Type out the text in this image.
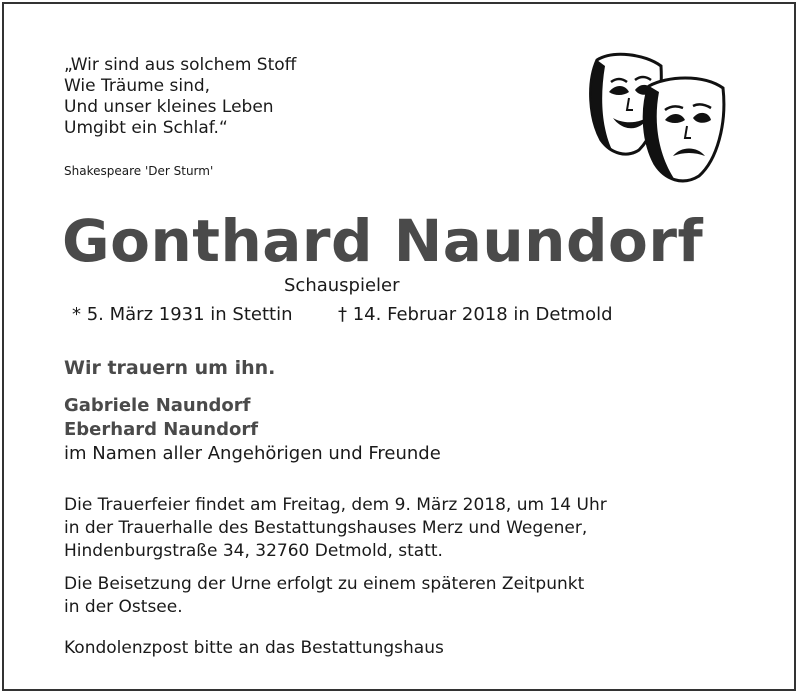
„Wir sind aus solchem Stoff
Wie Träume sind,
Und unser kleines Leben
Umgibt ein Schlaf.“
Shakespeare 'Der Sturm'
Gonthard Naundorf
Schauspieler
* 5. März 1931 in Stettin	† 14. Februar 2018 in Detmold
Wir trauern um ihn.
Gabriele Naundorf
Eberhard Naundorf
im Namen aller Angehörigen und Freunde
Die Trauerfeier findet am Freitag, dem 9. März 2018, um 14 Uhr
in der Trauerhalle des Bestattungshauses Merz und Wegener,
Hindenburgstraße 34, 32760 Detmold, statt.
Die Beisetzung der Urne erfolgt zu einem späteren Zeitpunkt
in der Ostsee.
Kondolenzpost bitte an das Bestattungshaus
